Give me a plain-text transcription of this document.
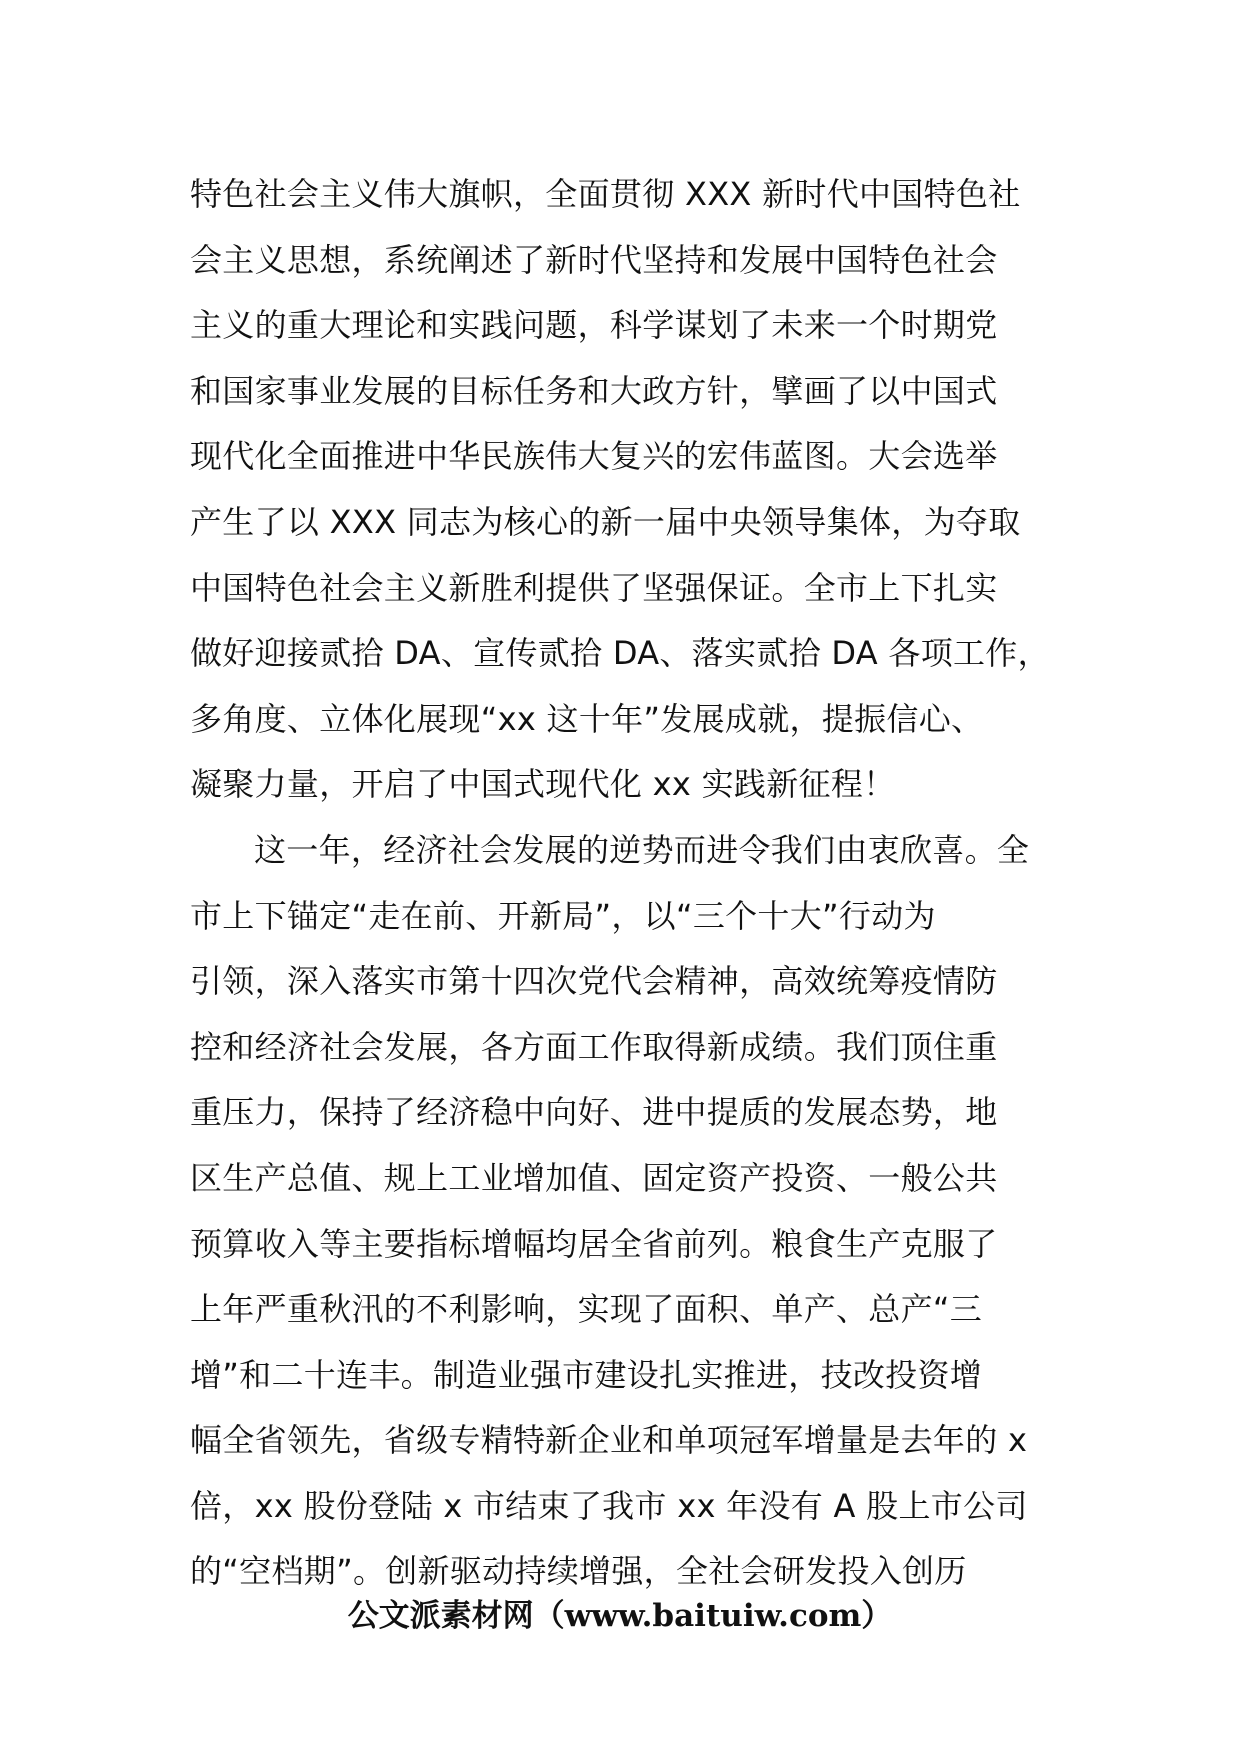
特色社会主义伟大旗帜，全面贯彻 XXX 新时代中国特色社
会主义思想，系统阐述了新时代坚持和发展中国特色社会
主义的重大理论和实践问题，科学谋划了未来一个时期党
和国家事业发展的目标任务和大政方针，擘画了以中国式
现代化全面推进中华民族伟大复兴的宏伟蓝图。大会选举
产生了以 XXX 同志为核心的新一届中央领导集体，为夺取
中国特色社会主义新胜利提供了坚强保证。全市上下扎实
做好迎接贰拾 DA、宣传贰拾 DA、落实贰拾 DA 各项工作，
多角度、立体化展现“xx 这十年”发展成就，提振信心、
凝聚力量，开启了中国式现代化 xx 实践新征程！
这一年，经济社会发展的逆势而进令我们由衷欣喜。全
市上下锚定“走在前、开新局”，以“三个十大”行动为
引领，深入落实市第十四次党代会精神，高效统筹疫情防
控和经济社会发展，各方面工作取得新成绩。我们顶住重
重压力，保持了经济稳中向好、进中提质的发展态势，地
区生产总值、规上工业增加值、固定资产投资、一般公共
预算收入等主要指标增幅均居全省前列。粮食生产克服了
上年严重秋汛的不利影响，实现了面积、单产、总产“三
增”和二十连丰。制造业强市建设扎实推进，技改投资增
幅全省领先，省级专精特新企业和单项冠军增量是去年的 x
倍，xx 股份登陆 x 市结束了我市 xx 年没有 A 股上市公司
的“空档期”。创新驱动持续增强，全社会研发投入创历
公文派素材网（www.baituiw.com）
